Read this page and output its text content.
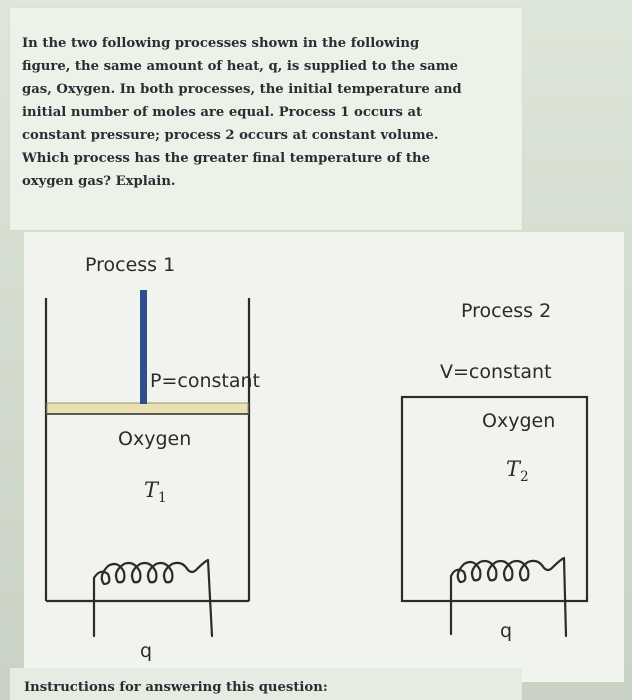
In the two following processes shown in the following
figure, the same amount of heat, q, is supplied to the same
gas, Oxygen. In both processes, the initial temperature and
initial number of moles are equal. Process 1 occurs at
constant pressure; process 2 occurs at constant volume.
Which process has the greater final temperature of the
oxygen gas? Explain.
Process 1
P=constant
Oxygen
$T_1$
q
Process 2
V=constant
Oxygen
$T_2$
q
Instructions for answering this question:
